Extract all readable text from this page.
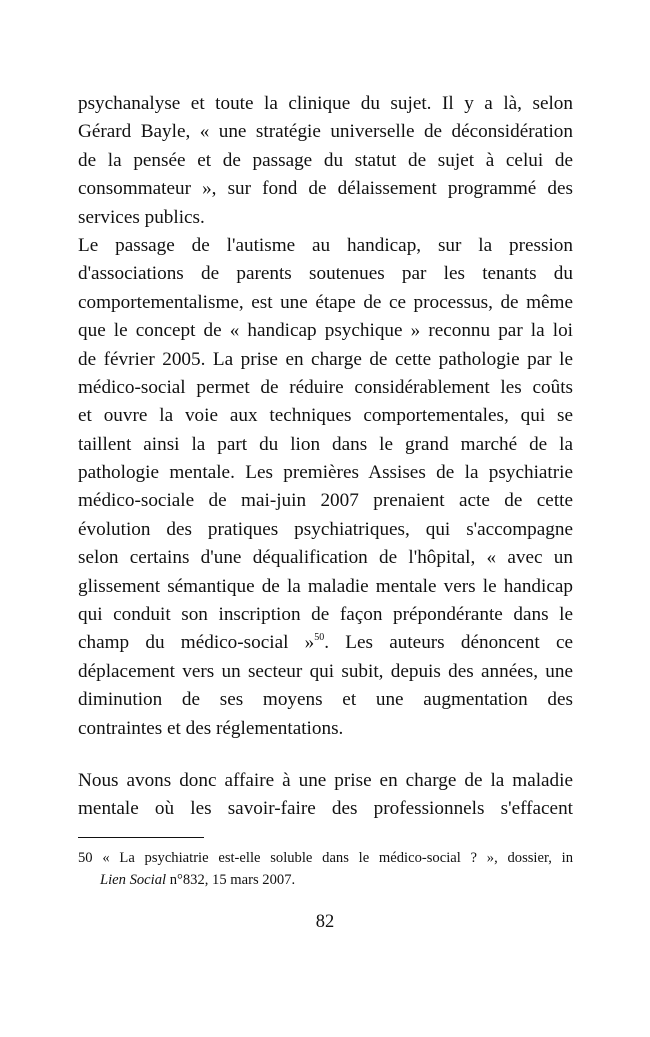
psychanalyse et toute la clinique du sujet. Il y a là, selon
Gérard Bayle, « une stratégie universelle de déconsidération
de la pensée et de passage du statut de sujet à celui de
consommateur », sur fond de délaissement programmé des
services publics.
Le passage de l'autisme au handicap, sur la pression
d'associations de parents soutenues par les tenants du
comportementalisme, est une étape de ce processus, de même
que le concept de « handicap psychique » reconnu par la loi
de février 2005. La prise en charge de cette pathologie par le
médico-social permet de réduire considérablement les coûts
et ouvre la voie aux techniques comportementales, qui se
taillent ainsi la part du lion dans le grand marché de la
pathologie mentale. Les premières Assises de la psychiatrie
médico-sociale de mai-juin 2007 prenaient acte de cette
évolution des pratiques psychiatriques, qui s'accompagne
selon certains d'une déqualification de l'hôpital, « avec un
glissement sémantique de la maladie mentale vers le handicap
qui conduit son inscription de façon prépondérante dans le
champ du médico-social »$^{50}$. Les auteurs dénoncent ce
déplacement vers un secteur qui subit, depuis des années, une
diminution de ses moyens et une augmentation des
contraintes et des réglementations.
Nous avons donc affaire à une prise en charge de la maladie
mentale où les savoir-faire des professionnels s'effacent
50 « La psychiatrie est-elle soluble dans le médico-social ? », dossier, in
Lien Social n°832, 15 mars 2007.
82
